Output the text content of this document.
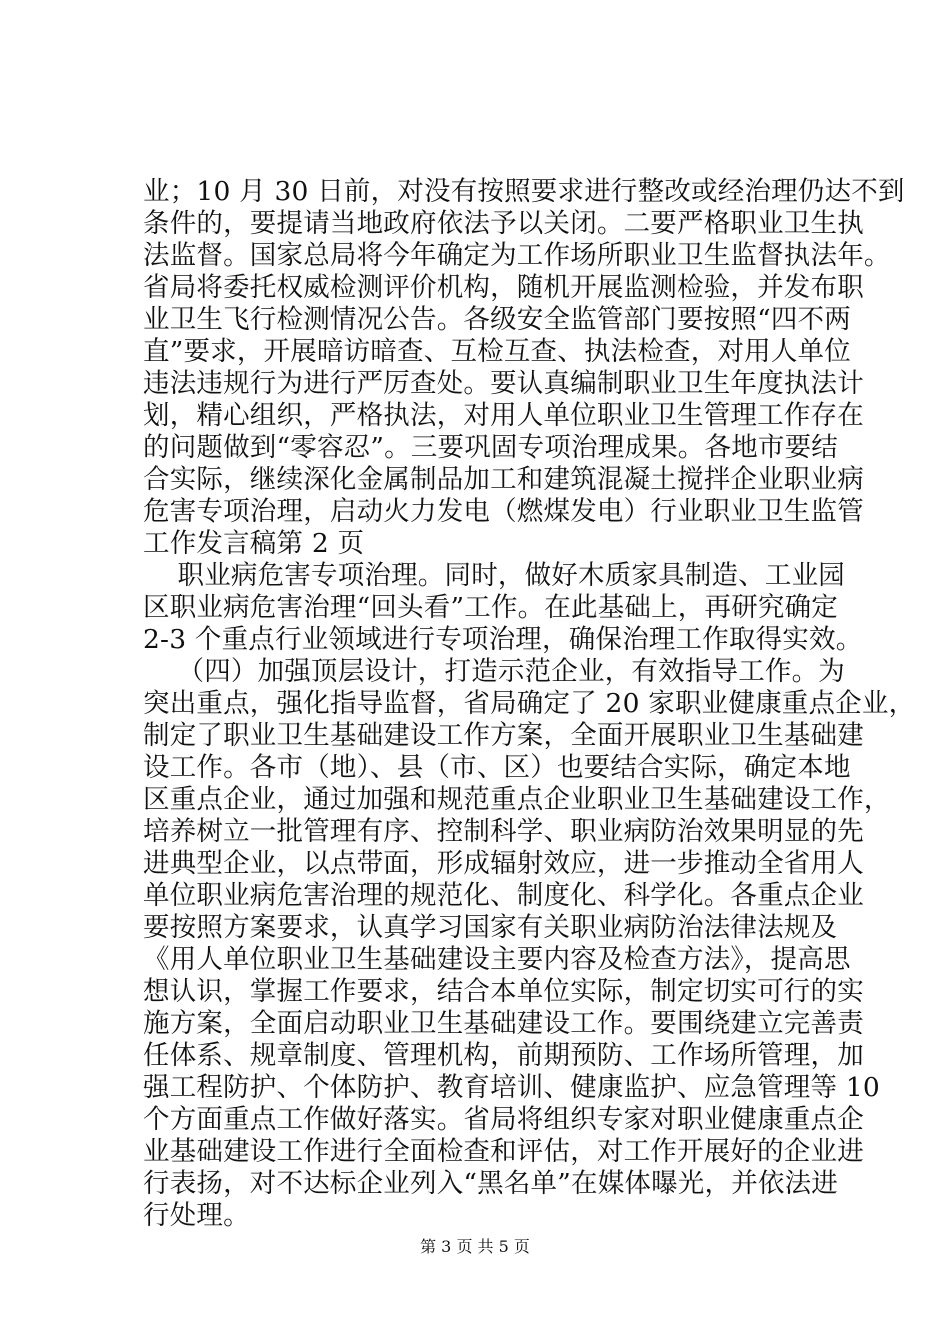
业；10 月 30 日前，对没有按照要求进行整改或经治理仍达不到
条件的，要提请当地政府依法予以关闭。二要严格职业卫生执
法监督。国家总局将今年确定为工作场所职业卫生监督执法年。
省局将委托权威检测评价机构，随机开展监测检验，并发布职
业卫生飞行检测情况公告。各级安全监管部门要按照“四不两
直”要求，开展暗访暗查、互检互查、执法检查，对用人单位
违法违规行为进行严厉查处。要认真编制职业卫生年度执法计
划，精心组织，严格执法，对用人单位职业卫生管理工作存在
的问题做到“零容忍”。三要巩固专项治理成果。各地市要结
合实际，继续深化金属制品加工和建筑混凝土搅拌企业职业病
危害专项治理，启动火力发电（燃煤发电）行业职业卫生监管
工作发言稿第 2 页
职业病危害专项治理。同时，做好木质家具制造、工业园
区职业病危害治理“回头看”工作。在此基础上，再研究确定
2-3 个重点行业领域进行专项治理，确保治理工作取得实效。
（四）加强顶层设计，打造示范企业，有效指导工作。为
突出重点，强化指导监督，省局确定了 20 家职业健康重点企业，
制定了职业卫生基础建设工作方案，全面开展职业卫生基础建
设工作。各市（地）、县（市、区）也要结合实际，确定本地
区重点企业，通过加强和规范重点企业职业卫生基础建设工作，
培养树立一批管理有序、控制科学、职业病防治效果明显的先
进典型企业，以点带面，形成辐射效应，进一步推动全省用人
单位职业病危害治理的规范化、制度化、科学化。各重点企业
要按照方案要求，认真学习国家有关职业病防治法律法规及
《用人单位职业卫生基础建设主要内容及检查方法》，提高思
想认识，掌握工作要求，结合本单位实际，制定切实可行的实
施方案，全面启动职业卫生基础建设工作。要围绕建立完善责
任体系、规章制度、管理机构，前期预防、工作场所管理，加
强工程防护、个体防护、教育培训、健康监护、应急管理等 10
个方面重点工作做好落实。省局将组织专家对职业健康重点企
业基础建设工作进行全面检查和评估，对工作开展好的企业进
行表扬，对不达标企业列入“黑名单”在媒体曝光，并依法进
行处理。
第 3 页 共 5 页
